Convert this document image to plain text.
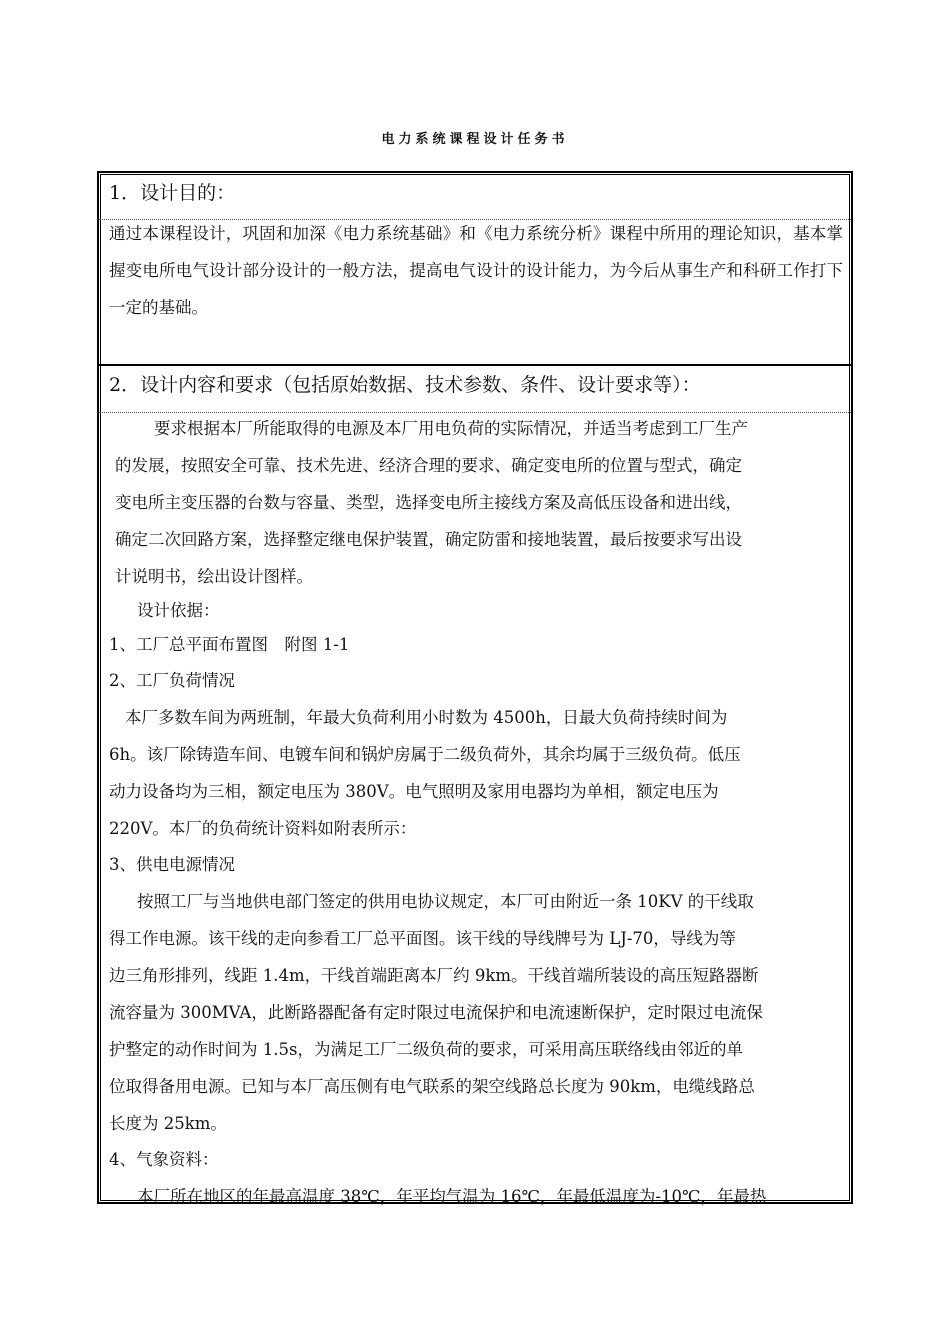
电力系统课程设计任务书
1．设计目的：
通过本课程设计，巩固和加深《电力系统基础》和《电力系统分析》课程中所用的理论知识，基本掌握变电所电气设计部分设计的一般方法，提高电气设计的设计能力，为今后从事生产和科研工作打下一定的基础。
2．设计内容和要求（包括原始数据、技术参数、条件、设计要求等）：
要求根据本厂所能取得的电源及本厂用电负荷的实际情况，并适当考虑到工厂生产
的发展，按照安全可靠、技术先进、经济合理的要求、确定变电所的位置与型式，确定
变电所主变压器的台数与容量、类型，选择变电所主接线方案及高低压设备和进出线，
确定二次回路方案，选择整定继电保护装置，确定防雷和接地装置，最后按要求写出设
计说明书，绘出设计图样。
设计依据：
1、工厂总平面布置图　附图 1-1
2、工厂负荷情况
本厂多数车间为两班制，年最大负荷利用小时数为 4500h，日最大负荷持续时间为
6h。该厂除铸造车间、电镀车间和锅炉房属于二级负荷外，其余均属于三级负荷。低压
动力设备均为三相，额定电压为 380V。电气照明及家用电器均为单相，额定电压为
220V。本厂的负荷统计资料如附表所示：
3、供电电源情况
按照工厂与当地供电部门签定的供用电协议规定，本厂可由附近一条 10KV 的干线取
得工作电源。该干线的走向参看工厂总平面图。该干线的导线牌号为 LJ-70，导线为等
边三角形排列，线距 1.4m，干线首端距离本厂约 9km。干线首端所装设的高压短路器断
流容量为 300MVA，此断路器配备有定时限过电流保护和电流速断保护，定时限过电流保
护整定的动作时间为 1.5s，为满足工厂二级负荷的要求，可采用高压联络线由邻近的单
位取得备用电源。已知与本厂高压侧有电气联系的架空线路总长度为 90km，电缆线路总
长度为 25km。
4、气象资料：
本厂所在地区的年最高温度 38℃，年平均气温为 16℃，年最低温度为-10℃，年最热
